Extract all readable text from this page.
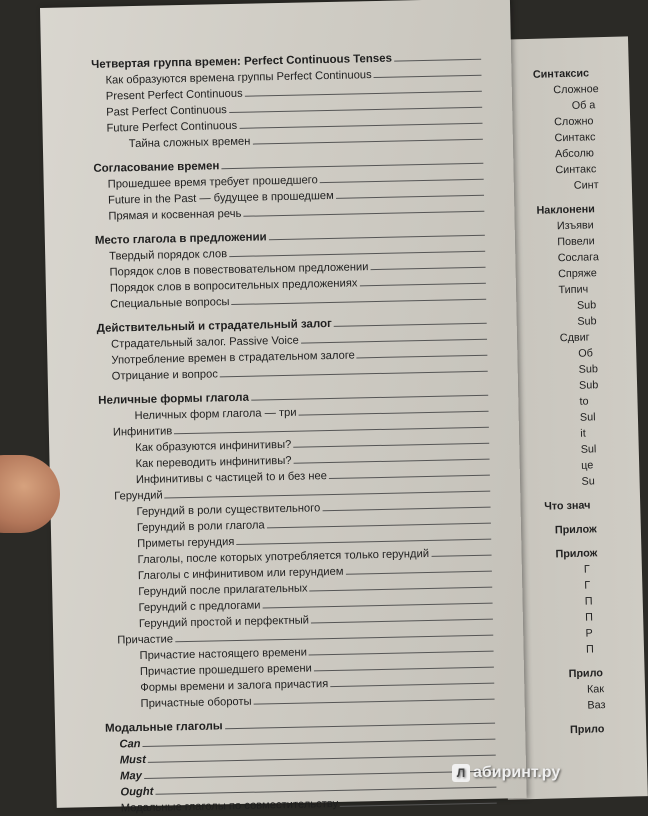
Синтаксис
Сложное
Об а
Сложно
Синтакс
Абсолю
Синтакс
Синт
Наклонени
Изъяви
Повели
Сослага
Спряже
Типич
Sub
Sub
Сдвиг
Об
Sub
Sub
to
Sul
it
Sul
це
Su
Что знач
Прилож
Прилож
Г
Г
П
П
Р
П
Прило
Как
Ваз
Прило
Четвертая группа времен: Perfect Continuous Tenses
Как образуются времена группы Perfect Continuous
Present Perfect Continuous
Past Perfect Continuous
Future Perfect Continuous
Тайна сложных времен
Согласование времен
Прошедшее время требует прошедшего
Future in the Past — будущее в прошедшем
Прямая и косвенная речь
Место глагола в предложении
Твердый порядок слов
Порядок слов в повествовательном предложении
Порядок слов в вопросительных предложениях
Специальные вопросы
Действительный и страдательный залог
Страдательный залог. Passive Voice
Употребление времен в страдательном залоге
Отрицание и вопрос
Неличные формы глагола
Неличных форм глагола — три
Инфинитив
Как образуются инфинитивы?
Как переводить инфинитивы?
Инфинитивы с частицей to и без нее
Герундий
Герундий в роли существительного
Герундий в роли глагола
Приметы герундия
Глаголы, после которых употребляется только герундий
Глаголы с инфинитивом или герундием
Герундий после прилагательных
Герундий с предлогами
Герундий простой и перфектный
Причастие
Причастие настоящего времени
Причастие прошедшего времени
Формы времени и залога причастия
Причастные обороты
Модальные глаголы
Can
Must
May
Ought
Модальные глаголы по совместительству
Л абиринт.ру
